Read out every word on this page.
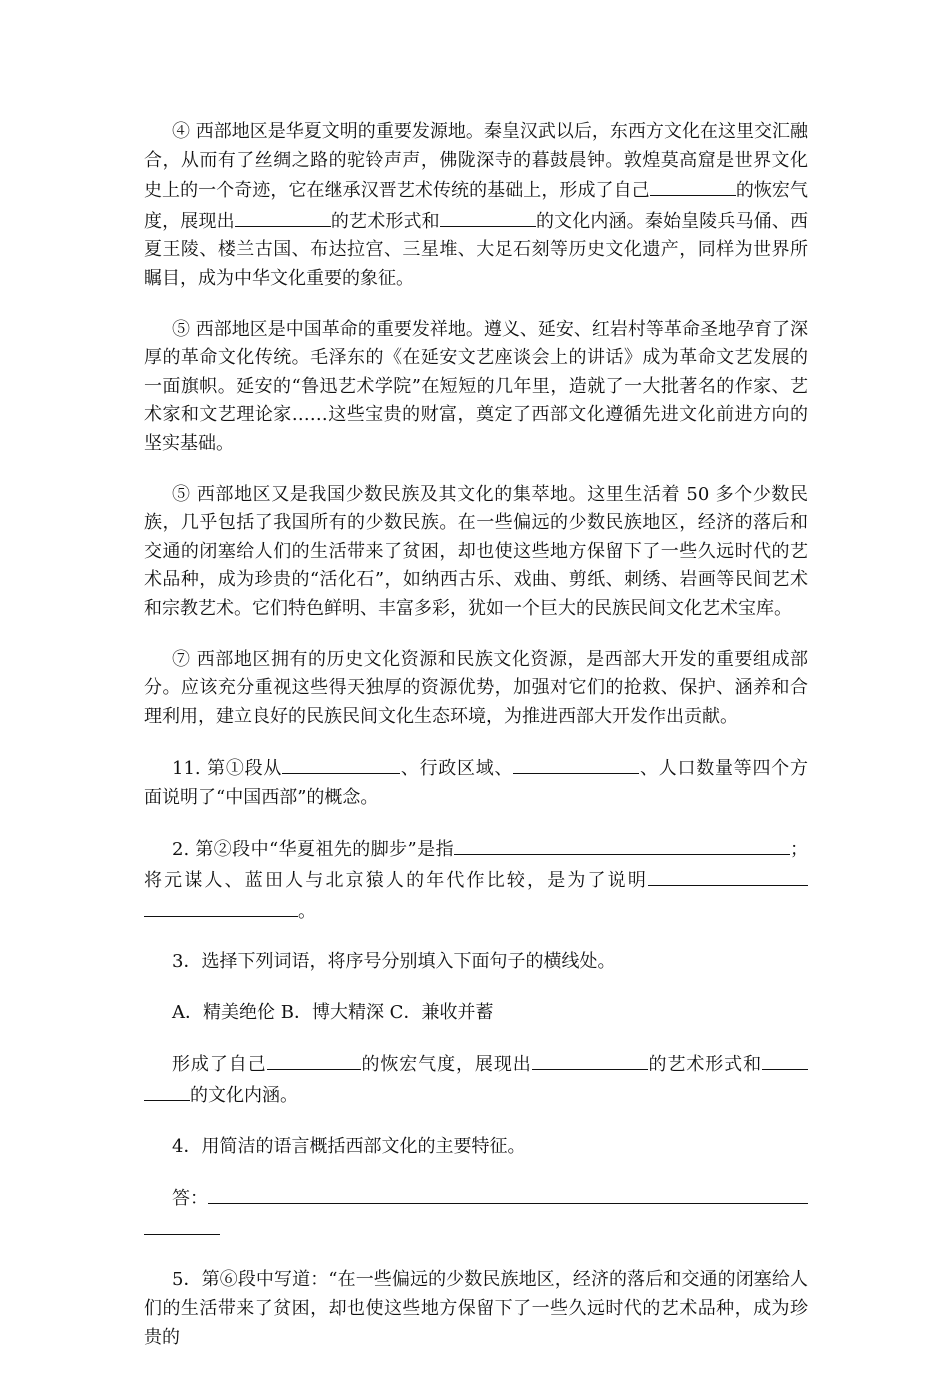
④ 西部地区是华夏文明的重要发源地。秦皇汉武以后，东西方文化在这里交汇融合，从而有了丝绸之路的驼铃声声，佛陇深寺的暮鼓晨钟。敦煌莫高窟是世界文化史上的一个奇迹，它在继承汉晋艺术传统的基础上，形成了自己	的恢宏气度，展现出	的艺术形式和	的文化内涵。秦始皇陵兵马俑、西夏王陵、楼兰古国、布达拉宫、三星堆、大足石刻等历史文化遗产，同样为世界所瞩目，成为中华文化重要的象征。

⑤ 西部地区是中国革命的重要发祥地。遵义、延安、红岩村等革命圣地孕育了深厚的革命文化传统。毛泽东的《在延安文艺座谈会上的讲话》成为革命文艺发展的一面旗帜。延安的“鲁迅艺术学院”在短短的几年里，造就了一大批著名的作家、艺术家和文艺理论家……这些宝贵的财富，奠定了西部文化遵循先进文化前进方向的坚实基础。

⑤ 西部地区又是我国少数民族及其文化的集萃地。这里生活着 50 多个少数民族，几乎包括了我国所有的少数民族。在一些偏远的少数民族地区，经济的落后和交通的闭塞给人们的生活带来了贫困，却也使这些地方保留下了一些久远时代的艺术品种，成为珍贵的“活化石”，如纳西古乐、戏曲、剪纸、刺绣、岩画等民间艺术和宗教艺术。它们特色鲜明、丰富多彩，犹如一个巨大的民族民间文化艺术宝库。

⑦ 西部地区拥有的历史文化资源和民族文化资源，是西部大开发的重要组成部分。应该充分重视这些得天独厚的资源优势，加强对它们的抢救、保护、涵养和合理利用，建立良好的民族民间文化生态环境，为推进西部大开发作出贡献。

11. 第①段从	、行政区域、	、人口数量等四个方面说明了“中国西部”的概念。

2. 第②段中“华夏祖先的脚步”是指	；将元谋人、蓝田人与北京猿人的年代作比较，是为了说明。

3．选择下列词语，将序号分别填入下面句子的横线处。

A．精美绝伦 B．博大精深 C．兼收并蓄

形成了自己	的恢宏气度，展现出	的艺术形式和的文化内涵。

4．用简洁的语言概括西部文化的主要特征。

答：

5．第⑥段中写道：“在一些偏远的少数民族地区，经济的落后和交通的闭塞给人们的生活带来了贫困，却也使这些地方保留下了一些久远时代的艺术品种，成为珍贵的
